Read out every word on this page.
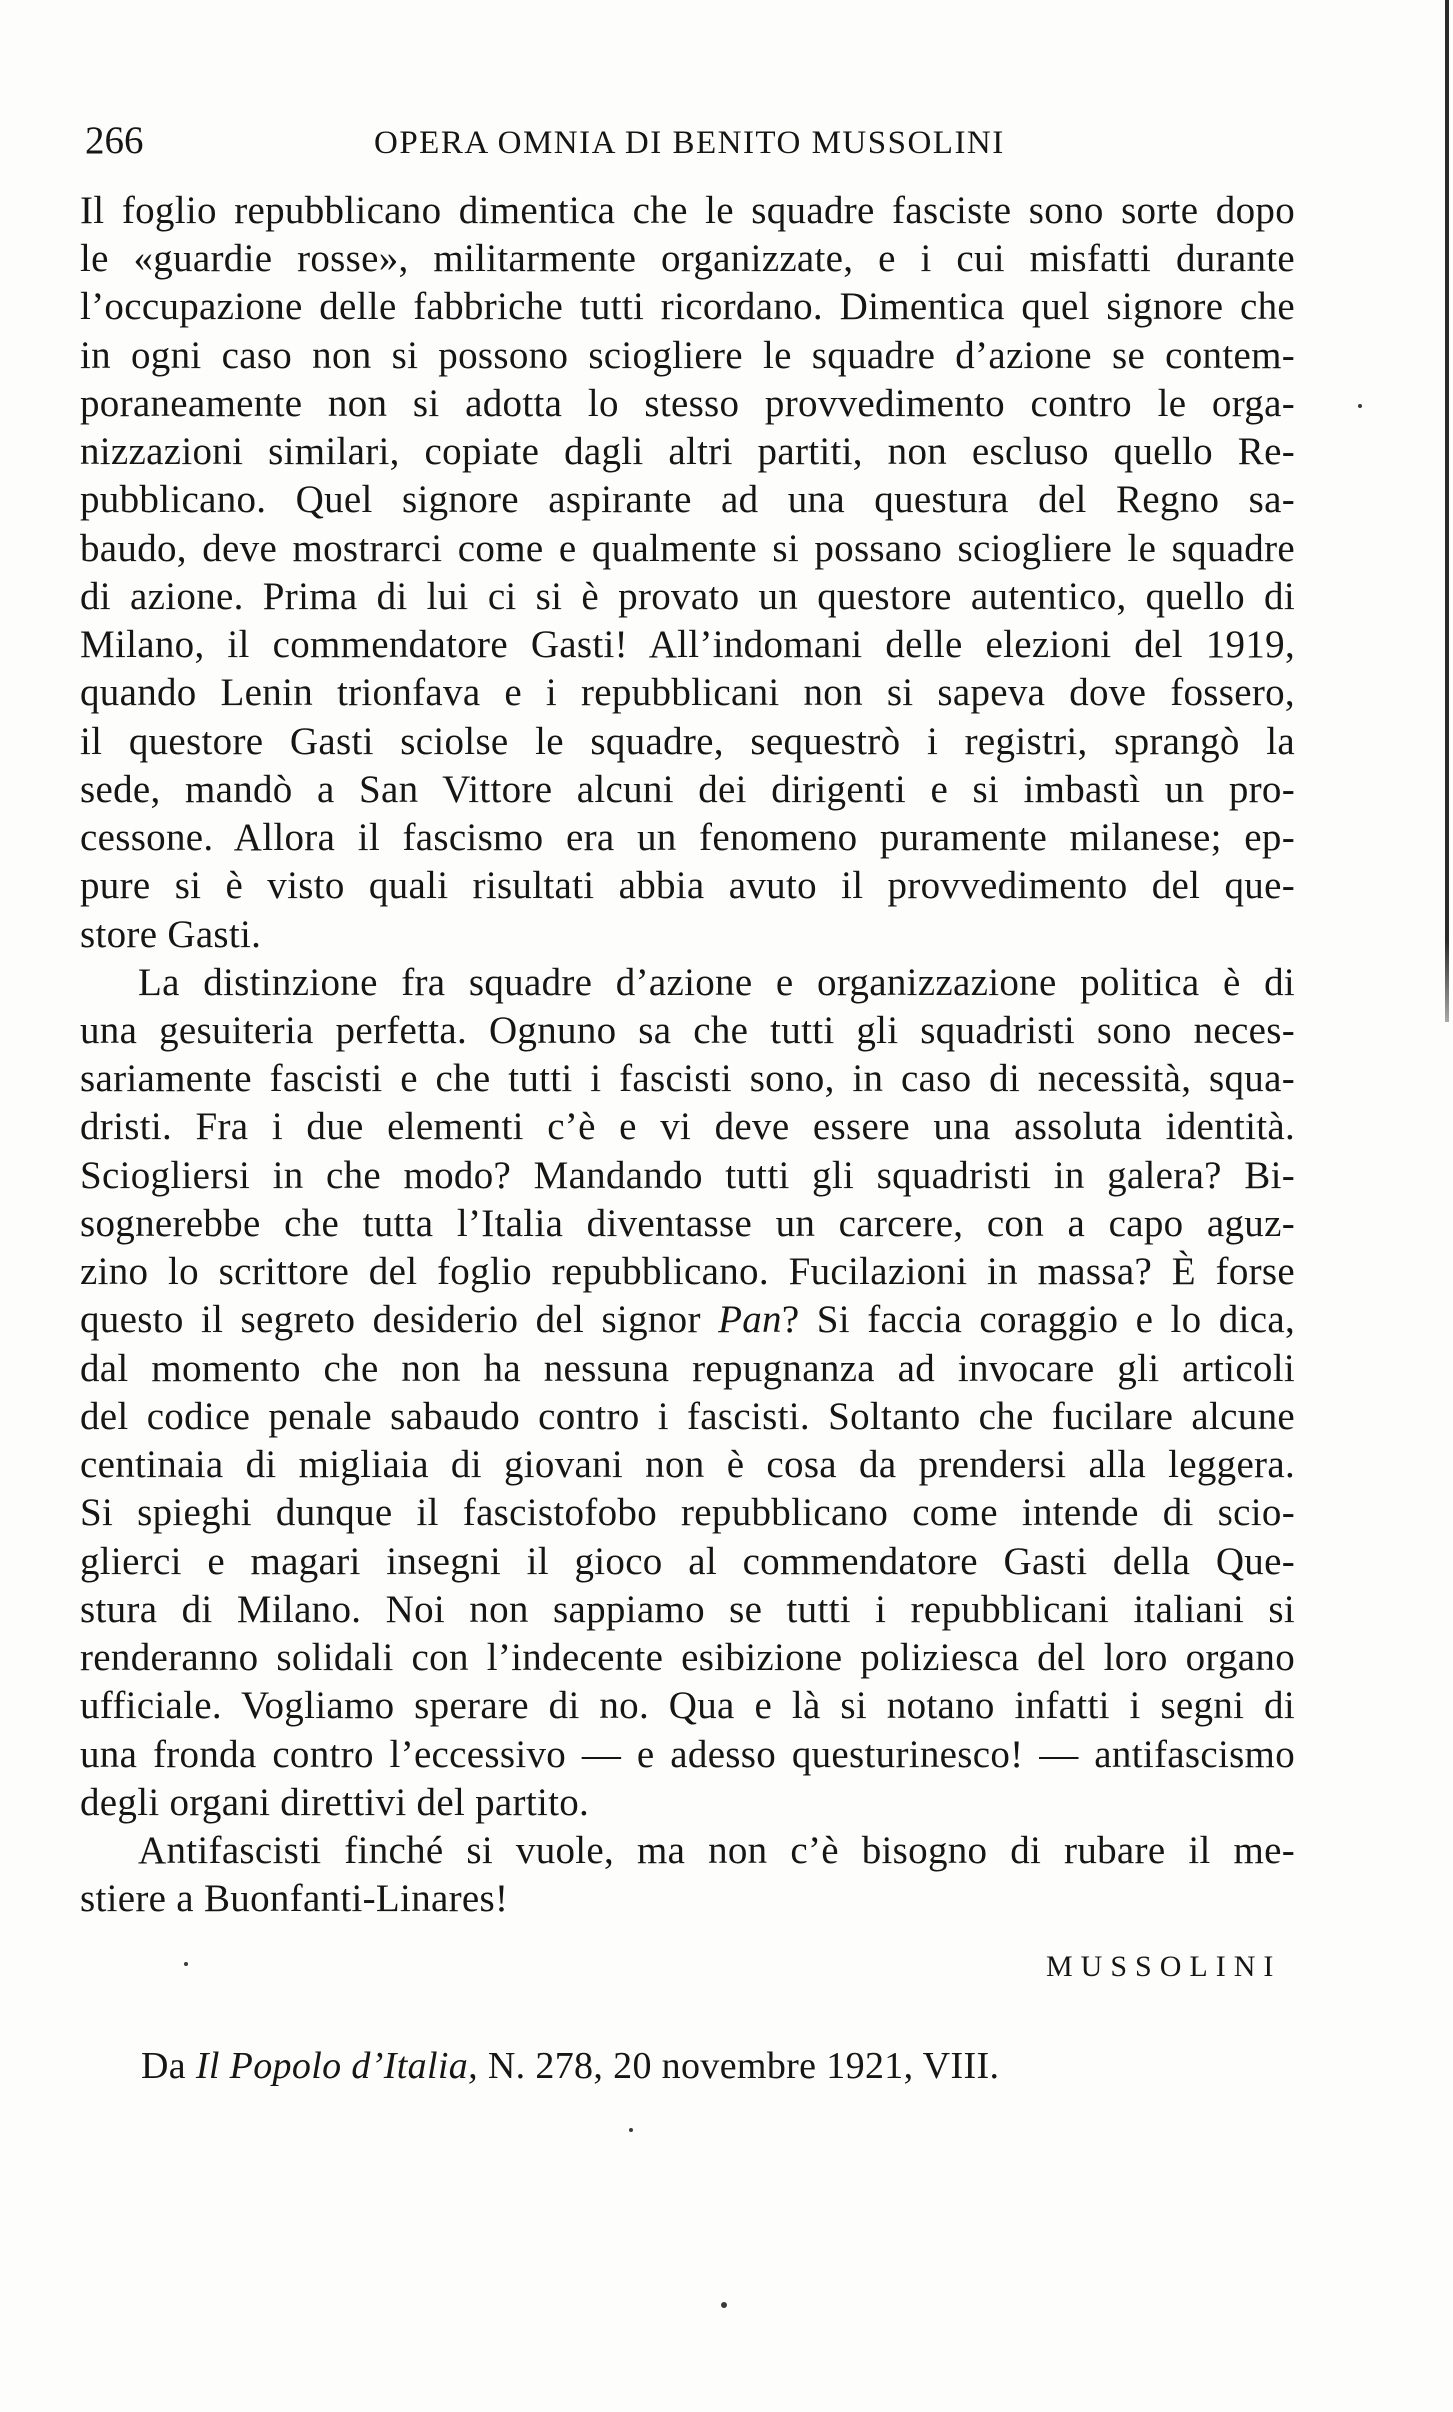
266	OPERA OMNIA DI BENITO MUSSOLINI
Il foglio repubblicano dimentica che le squadre fasciste sono sorte dopo
le «guardie rosse», militarmente organizzate, e i cui misfatti durante
l’occupazione delle fabbriche tutti ricordano. Dimentica quel signore che
in ogni caso non si possono sciogliere le squadre d’azione se contem-
poraneamente non si adotta lo stesso provvedimento contro le orga-
nizzazioni similari, copiate dagli altri partiti, non escluso quello Re-
pubblicano. Quel signore aspirante ad una questura del Regno sa-
baudo, deve mostrarci come e qualmente si possano sciogliere le squadre
di azione. Prima di lui ci si è provato un questore autentico, quello di
Milano, il commendatore Gasti! All’indomani delle elezioni del 1919,
quando Lenin trionfava e i repubblicani non si sapeva dove fossero,
il questore Gasti sciolse le squadre, sequestrò i registri, sprangò la
sede, mandò a San Vittore alcuni dei dirigenti e si imbastì un pro-
cessone. Allora il fascismo era un fenomeno puramente milanese; ep-
pure si è visto quali risultati abbia avuto il provvedimento del que-
store Gasti.
La distinzione fra squadre d’azione e organizzazione politica è di
una gesuiteria perfetta. Ognuno sa che tutti gli squadristi sono neces-
sariamente fascisti e che tutti i fascisti sono, in caso di necessità, squa-
dristi. Fra i due elementi c’è e vi deve essere una assoluta identità.
Sciogliersi in che modo? Mandando tutti gli squadristi in galera? Bi-
sognerebbe che tutta l’Italia diventasse un carcere, con a capo aguz-
zino lo scrittore del foglio repubblicano. Fucilazioni in massa? È forse
questo il segreto desiderio del signor Pan? Si faccia coraggio e lo dica,
dal momento che non ha nessuna repugnanza ad invocare gli articoli
del codice penale sabaudo contro i fascisti. Soltanto che fucilare alcune
centinaia di migliaia di giovani non è cosa da prendersi alla leggera.
Si spieghi dunque il fascistofobo repubblicano come intende di scio-
glierci e magari insegni il gioco al commendatore Gasti della Que-
stura di Milano. Noi non sappiamo se tutti i repubblicani italiani si
renderanno solidali con l’indecente esibizione poliziesca del loro organo
ufficiale. Vogliamo sperare di no. Qua e là si notano infatti i segni di
una fronda contro l’eccessivo — e adesso questurinesco! — antifascismo
degli organi direttivi del partito.
Antifascisti finché si vuole, ma non c’è bisogno di rubare il me-
stiere a Buonfanti-Linares!
MUSSOLINI
Da Il Popolo d’Italia, N. 278, 20 novembre 1921, VIII.
